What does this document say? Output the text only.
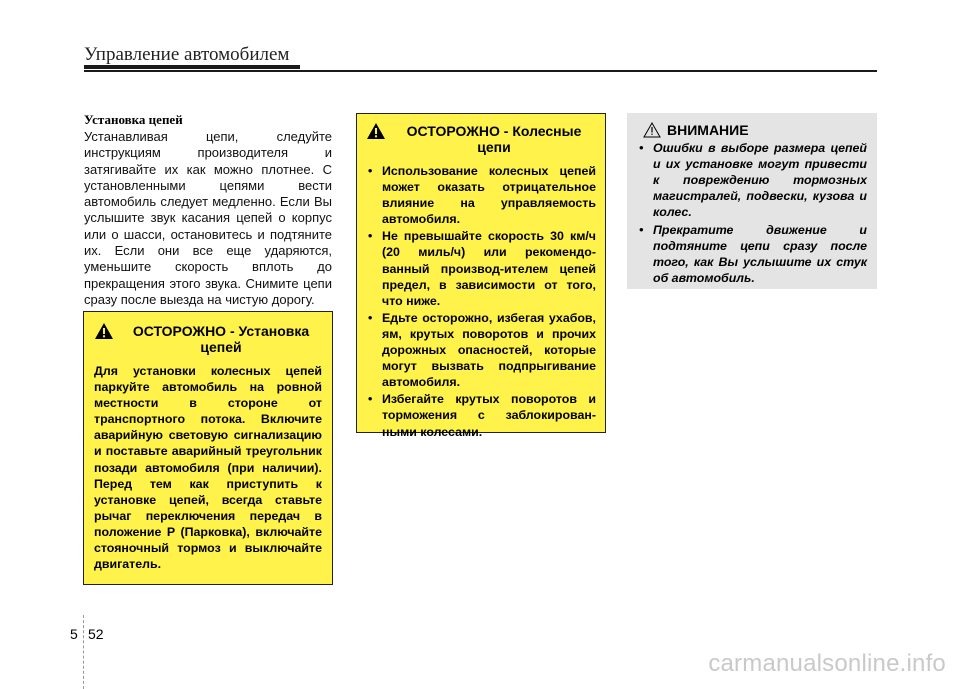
Управление автомобилем
Установка цепей
Устанавливая цепи, следуйте инструкциям производителя и затягивайте их как можно плотнее. С установленными цепями вести автомобиль следует медленно. Если Вы услышите звук касания цепей о корпус или о шасси, остановитесь и подтяните их. Если они все еще ударяются, уменьшите скорость вплоть до прекращения этого звука. Снимите цепи сразу после выезда на чистую дорогу.
ОСТОРОЖНО - Установка цепей
Для установки колесных цепей паркуйте автомобиль на ровной местности в стороне от транспортного потока. Включите аварийную световую сигнализацию и поставьте аварийный треугольник позади автомобиля (при наличии). Перед тем как приступить к установке цепей, всегда ставьте рычаг переключения передач в положение P (Парковка), включайте стояночный тормоз и выключайте двигатель.
ОСТОРОЖНО - Колесные цепи
• Использование колесных цепей может оказать отрицательное влияние на управляемость автомобиля.
• Не превышайте скорость 30 км/ч (20 миль/ч) или рекомендо-ванный производ-ителем цепей предел, в зависимости от того, что ниже.
• Едьте осторожно, избегая ухабов, ям, крутых поворотов и прочих дорожных опасностей, которые могут вызвать подпрыгивание автомобиля.
• Избегайте крутых поворотов и торможения с заблокирован-ными колесами.
ВНИМАНИЕ
• Ошибки в выборе размера цепей и их установке могут привести к повреждению тормозных магистралей, подвески, кузова и колес.
• Прекратите движение и подтяните цепи сразу после того, как Вы услышите их стук об автомобиль.
5 52
carmanualsonline.info
